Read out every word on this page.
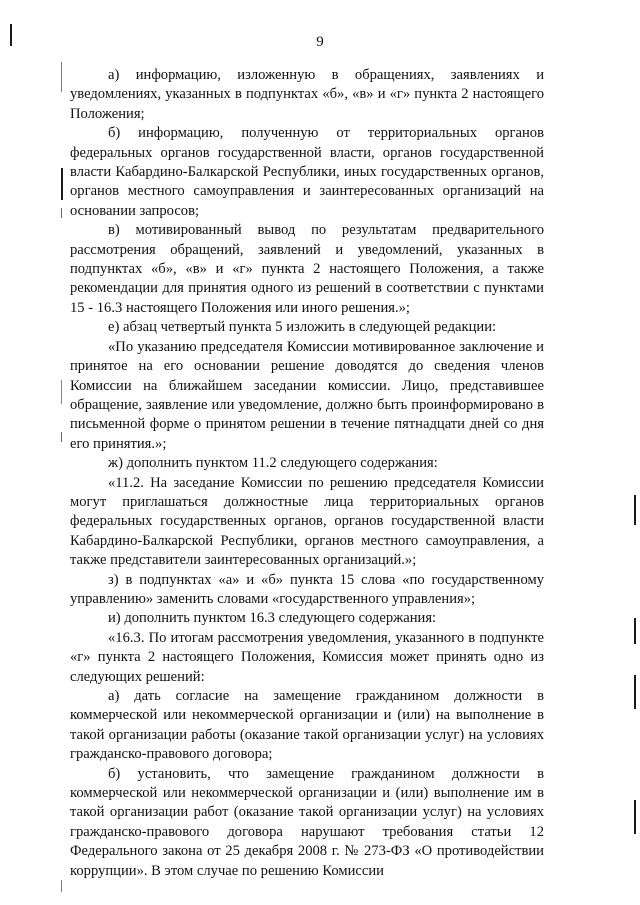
9

а) информацию, изложенную в обращениях, заявлениях и уведомлениях, указанных в подпунктах «б», «в» и «г» пункта 2 настоящего Положения;

б) информацию, полученную от территориальных органов федеральных органов государственной власти, органов государственной власти Кабардино-Балкарской Республики, иных государственных органов, органов местного самоуправления и заинтересованных организаций на основании запросов;

в) мотивированный вывод по результатам предварительного рассмотрения обращений, заявлений и уведомлений, указанных в подпунктах «б», «в» и «г» пункта 2 настоящего Положения, а также рекомендации для принятия одного из решений в соответствии с пунктами 15 - 16.3 настоящего Положения или иного решения.»;

е) абзац четвертый пункта 5 изложить в следующей редакции:

«По указанию председателя Комиссии мотивированное заключение и принятое на его основании решение доводятся до сведения членов Комиссии на ближайшем заседании комиссии. Лицо, представившее обращение, заявление или уведомление, должно быть проинформировано в письменной форме о принятом решении в течение пятнадцати дней со дня его принятия.»;

ж) дополнить пунктом 11.2 следующего содержания:

«11.2. На заседание Комиссии по решению председателя Комиссии могут приглашаться должностные лица территориальных органов федеральных государственных органов, органов государственной власти Кабардино-Балкарской Республики, органов местного самоуправления, а также представители заинтересованных организаций.»;

з) в подпунктах «а» и «б» пункта 15 слова «по государственному управлению» заменить словами «государственного управления»;

и) дополнить пунктом 16.3 следующего содержания:

«16.3. По итогам рассмотрения уведомления, указанного в подпункте «г» пункта 2 настоящего Положения, Комиссия может принять одно из следующих решений:

а) дать согласие на замещение гражданином должности в коммерческой или некоммерческой организации и (или) на выполнение в такой организации работы (оказание такой организации услуг) на условиях гражданско-правового договора;

б) установить, что замещение гражданином должности в коммерческой или некоммерческой организации и (или) выполнение им в такой организации работ (оказание такой организации услуг) на условиях гражданско-правового договора нарушают требования статьи 12 Федерального закона от 25 декабря 2008 г. № 273-ФЗ «О противодействии коррупции». В этом случае по решению Комиссии
